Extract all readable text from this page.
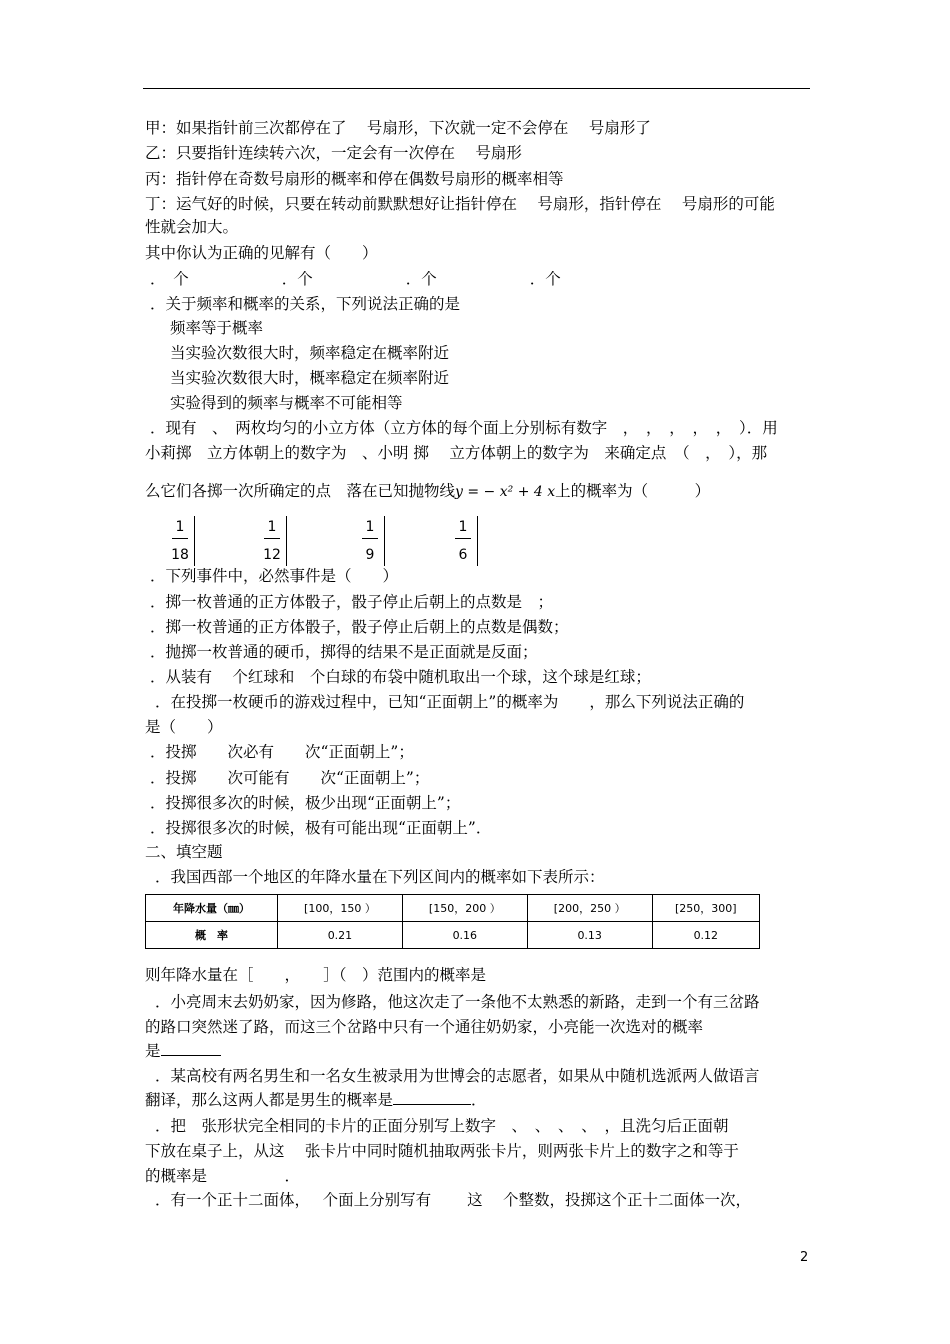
甲：如果指针前三次都停在了　 号扇形，下次就一定不会停在　 号扇形了
乙：只要指针连续转六次，一定会有一次停在　 号扇形
丙：指针停在奇数号扇形的概率和停在偶数号扇形的概率相等
丁：运气好的时候，只要在转动前默默想好让指针停在　 号扇形，指针停在　 号扇形的可能
性就会加大。
其中你认为正确的见解有（　　）
．　个　　　　　　．个　　　　　　．个　　　　　　．个
．关于频率和概率的关系，下列说法正确的是
频率等于概率
当实验次数很大时，频率稳定在概率附近
当实验次数很大时，概率稳定在频率附近
实验得到的频率与概率不可能相等
．现有　、　两枚均匀的小立方体（立方体的每个面上分别标有数字　，　，　，　，　，　）．用
小莉掷　立方体朝上的数字为　、小明 掷　 立方体朝上的数字为　来确定点　（　，　），那
么它们各掷一次所确定的点　落在已知抛物线y = − x² + 4 x上的概率为（　　　）
1
18
1
12
1
9
1
6
．下列事件中，必然事件是（　　）
．掷一枚普通的正方体骰子，骰子停止后朝上的点数是　；
．掷一枚普通的正方体骰子，骰子停止后朝上的点数是偶数；
．抛掷一枚普通的硬币，掷得的结果不是正面就是反面；
．从装有　 个红球和　个白球的布袋中随机取出一个球，这个球是红球；
．在投掷一枚硬币的游戏过程中，已知“正面朝上”的概率为　　，那么下列说法正确的
是（　　）
．投掷　　次必有　　次“正面朝上”；
．投掷　　次可能有　　次“正面朝上”；
．投掷很多次的时候，极少出现“正面朝上”；
．投掷很多次的时候，极有可能出现“正面朝上”．
二、填空题
．我国西部一个地区的年降水量在下列区间内的概率如下表所示：
年降水量（㎜）	[100，150 ）	[150，200 ）	[200，250 ）	[250，300]
概　率	0.21	0.16	0.13	0.12
则年降水量在［　　，　　］（　）范围内的概率是
．小亮周末去奶奶家，因为修路，他这次走了一条他不太熟悉的新路，走到一个有三岔路
的路口突然迷了路，而这三个岔路中只有一个通往奶奶家，小亮能一次选对的概率
是
．某高校有两名男生和一名女生被录用为世博会的志愿者，如果从中随机选派两人做语言
翻译，那么这两人都是男生的概率是	．
．把　张形状完全相同的卡片的正面分别写上数字　、　、　、　、　，且洗匀后正面朝
下放在桌子上，从这　 张卡片中同时随机抽取两张卡片，则两张卡片上的数字之和等于
的概率是　　　　　．
．有一个正十二面体，　 个面上分别写有　　 这　 个整数，投掷这个正十二面体一次，
2
